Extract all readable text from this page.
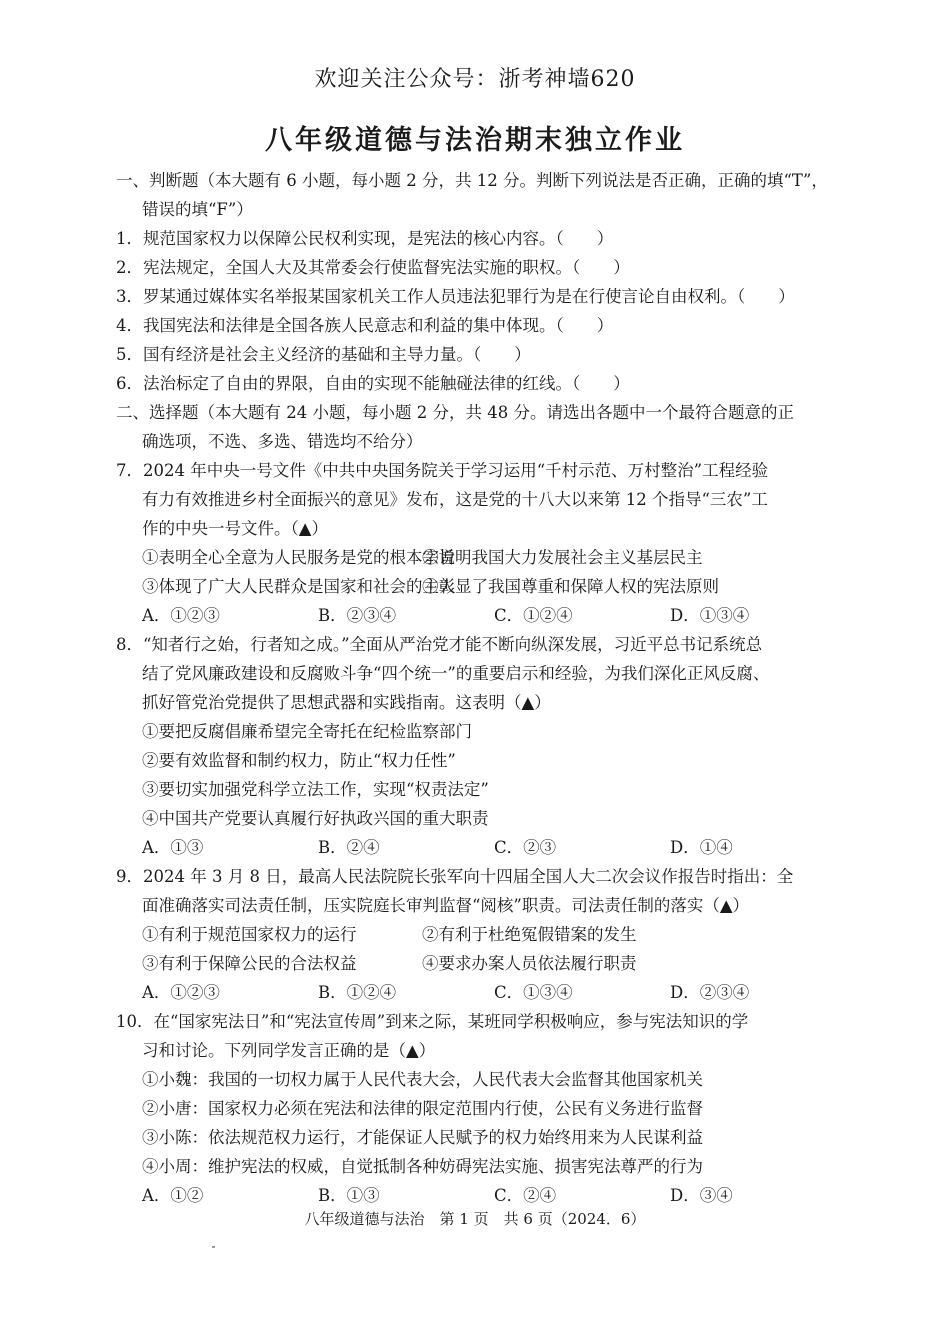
欢迎关注公众号：浙考神墙620
八年级道德与法治期末独立作业
一、判断题（本大题有 6 小题，每小题 2 分，共 12 分。判断下列说法是否正确，正确的填“T”，
错误的填“F”）
1．规范国家权力以保障公民权利实现，是宪法的核心内容。（　　）
2．宪法规定，全国人大及其常委会行使监督宪法实施的职权。（　　）
3．罗某通过媒体实名举报某国家机关工作人员违法犯罪行为是在行使言论自由权利。（　　）
4．我国宪法和法律是全国各族人民意志和利益的集中体现。（　　）
5．国有经济是社会主义经济的基础和主导力量。（　　）
6．法治标定了自由的界限，自由的实现不能触碰法律的红线。（　　）
二、选择题（本大题有 24 小题，每小题 2 分，共 48 分。请选出各题中一个最符合题意的正
确选项，不选、多选、错选均不给分）
7．2024 年中央一号文件《中共中央国务院关于学习运用“千村示范、万村整治”工程经验
有力有效推进乡村全面振兴的意见》发布，这是党的十八大以来第 12 个指导“三农”工
作的中央一号文件。（▲）
①表明全心全意为人民服务是党的根本宗旨
②说明我国大力发展社会主义基层民主
③体现了广大人民群众是国家和社会的主人
④彰显了我国尊重和保障人权的宪法原则
A．①②③	B．②③④	C．①②④	D．①③④
8．“知者行之始，行者知之成。”全面从严治党才能不断向纵深发展，习近平总书记系统总
结了党风廉政建设和反腐败斗争“四个统一”的重要启示和经验，为我们深化正风反腐、
抓好管党治党提供了思想武器和实践指南。这表明（▲）
①要把反腐倡廉希望完全寄托在纪检监察部门
②要有效监督和制约权力，防止“权力任性”
③要切实加强党科学立法工作，实现“权责法定”
④中国共产党要认真履行好执政兴国的重大职责
A．①③	B．②④	C．②③	D．①④
9．2024 年 3 月 8 日，最高人民法院院长张军向十四届全国人大二次会议作报告时指出：全
面准确落实司法责任制，压实院庭长审判监督“阅核”职责。司法责任制的落实（▲）
①有利于规范国家权力的运行	②有利于杜绝冤假错案的发生
③有利于保障公民的合法权益	④要求办案人员依法履行职责
A．①②③	B．①②④	C．①③④	D．②③④
10．在“国家宪法日”和“宪法宣传周”到来之际，某班同学积极响应，参与宪法知识的学
习和讨论。下列同学发言正确的是（▲）
①小魏：我国的一切权力属于人民代表大会，人民代表大会监督其他国家机关
②小唐：国家权力必须在宪法和法律的限定范围内行使，公民有义务进行监督
③小陈：依法规范权力运行，才能保证人民赋予的权力始终用来为人民谋利益
④小周：维护宪法的权威，自觉抵制各种妨碍宪法实施、损害宪法尊严的行为
A．①②	B．①③	C．②④	D．③④
八年级道德与法治　第 1 页　共 6 页（2024．6）
